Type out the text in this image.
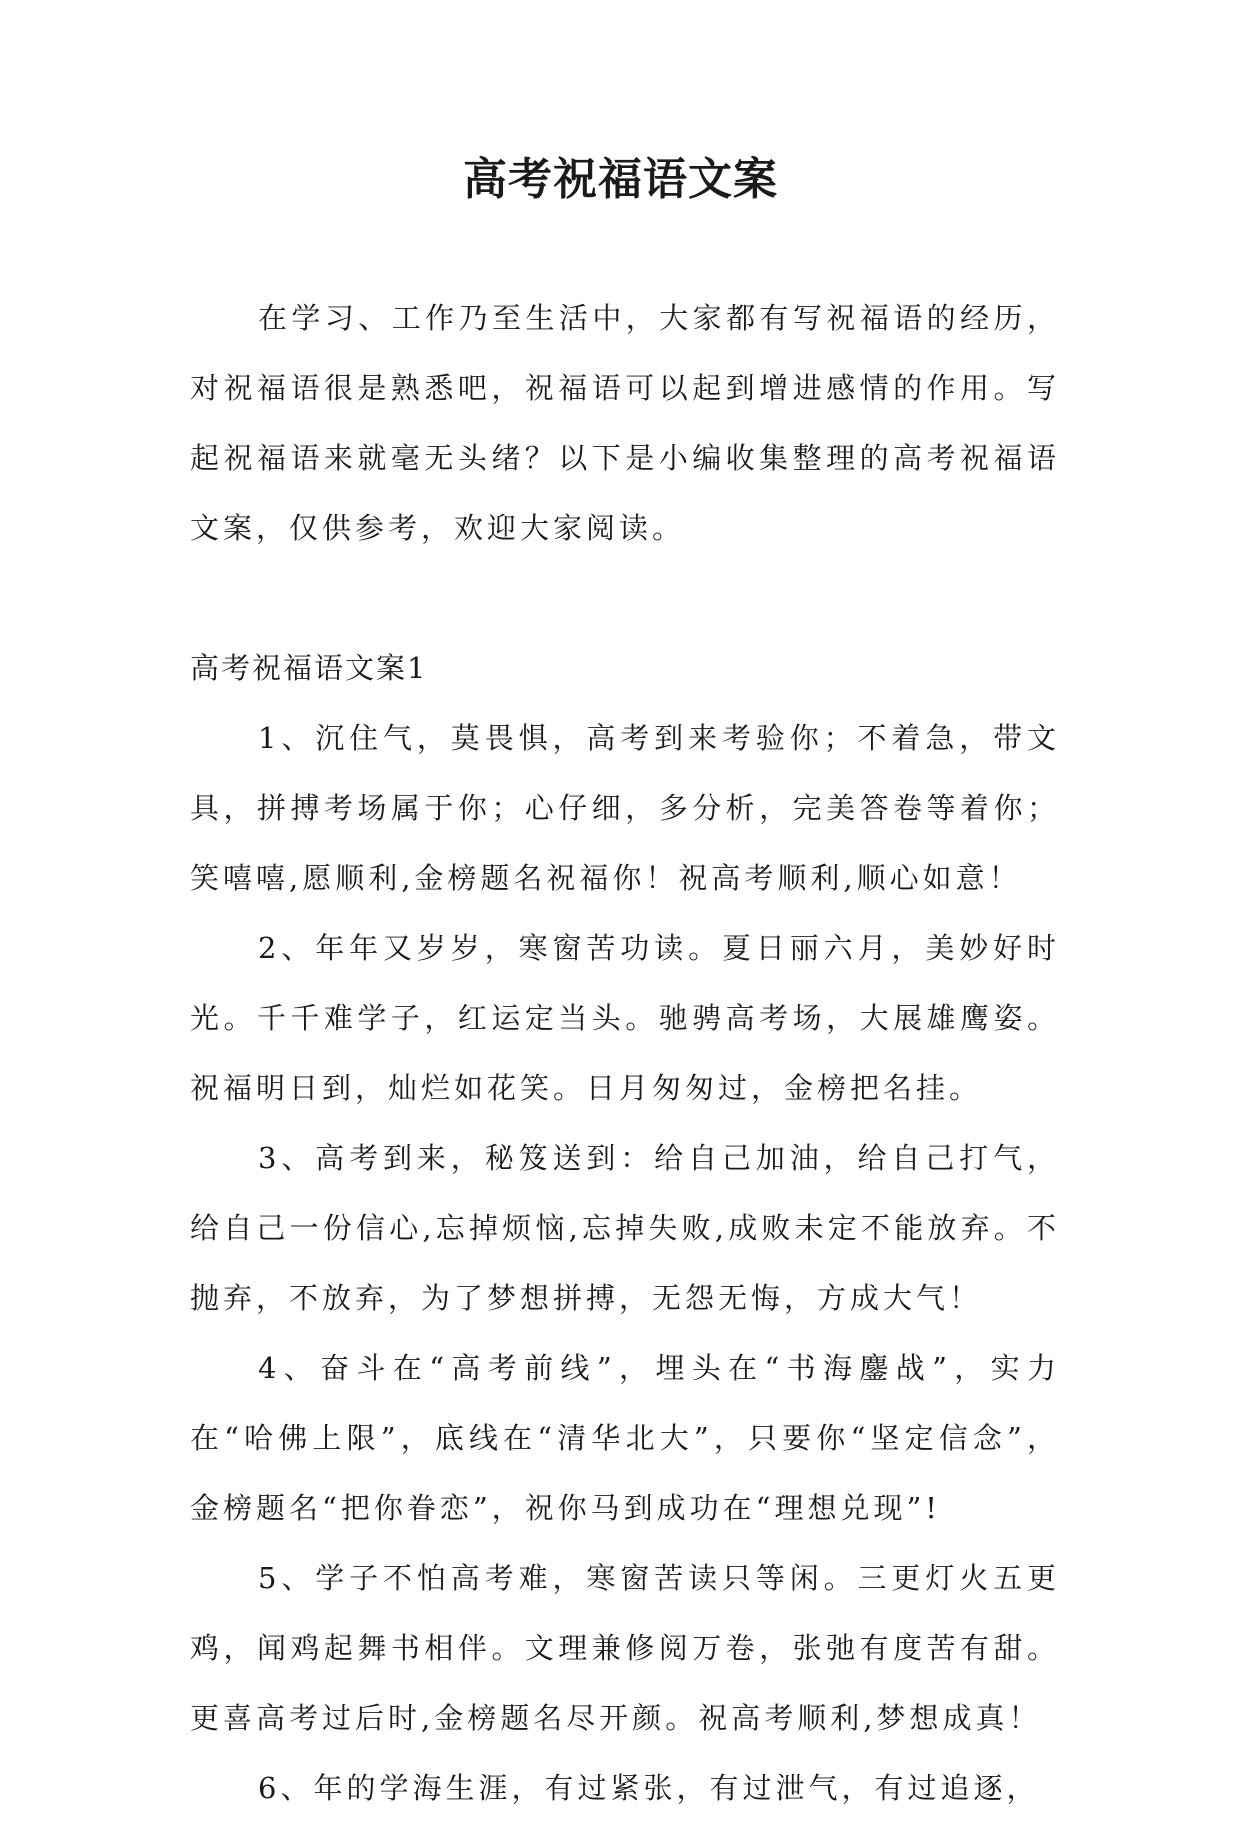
高考祝福语文案

在学习、工作乃至生活中，大家都有写祝福语的经历，对祝福语很是熟悉吧，祝福语可以起到增进感情的作用。写起祝福语来就毫无头绪？以下是小编收集整理的高考祝福语文案，仅供参考，欢迎大家阅读。

高考祝福语文案1

1、沉住气，莫畏惧，高考到来考验你；不着急，带文具，拼搏考场属于你；心仔细，多分析，完美答卷等着你；笑嘻嘻,愿顺利,金榜题名祝福你！祝高考顺利,顺心如意！

2、年年又岁岁，寒窗苦功读。夏日丽六月，美妙好时光。千千难学子，红运定当头。驰骋高考场，大展雄鹰姿。祝福明日到，灿烂如花笑。日月匆匆过，金榜把名挂。

3、高考到来，秘笈送到：给自己加油，给自己打气，给自己一份信心,忘掉烦恼,忘掉失败,成败未定不能放弃。不抛弃，不放弃，为了梦想拼搏，无怨无悔，方成大气！

4、奋斗在“高考前线”，埋头在“书海鏖战”，实力在“哈佛上限”，底线在“清华北大”，只要你“坚定信念”，金榜题名“把你眷恋”，祝你马到成功在“理想兑现”!

5、学子不怕高考难，寒窗苦读只等闲。三更灯火五更鸡，闻鸡起舞书相伴。文理兼修阅万卷，张弛有度苦有甜。更喜高考过后时,金榜题名尽开颜。祝高考顺利,梦想成真！

6、年的学海生涯，有过紧张，有过泄气，有过追逐，
